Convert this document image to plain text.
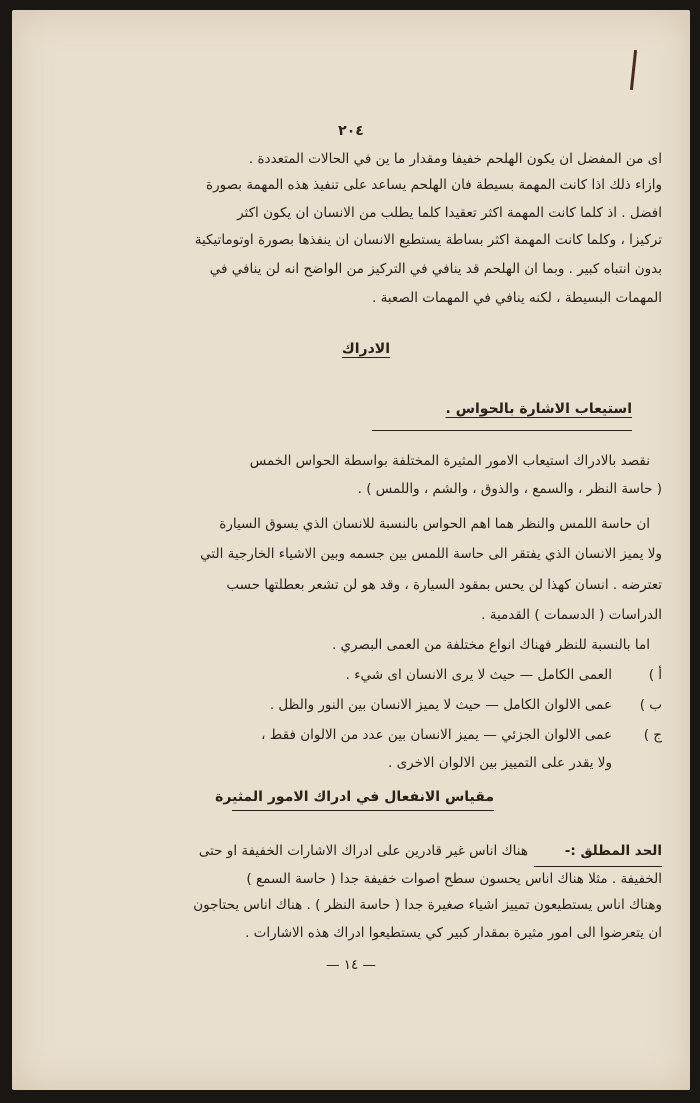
٢٠٤
اى من المفضل ان يكون الهلحم خفيفا ومقدار ما ين في الحالات المتعددة .
وازاء ذلك اذا كانت المهمة بسيطة فان الهلحم يساعد على تنفيذ هذه المهمة بصورة
افضل . اذ كلما كانت المهمة اكثر تعقيدا كلما يطلب من الانسان ان يكون اكثر
تركيزا ، وكلما كانت المهمة اكثر بساطة يستطيع الانسان ان ينفذها بصورة اوتوماتيكية
بدون انتباه كبير . وبما ان الهلحم قد ينافي في التركيز من الواضح انه لن ينافي في
المهمات البسيطة ، لكنه ينافي في المهمات الصعبة .
الادراك
استيعاب الاشارة بالحواس .
نقصد بالادراك استيعاب الامور المثيرة المختلفة بواسطة الحواس الخمس
( حاسة النظر ، والسمع ، والذوق ، والشم ، واللمس ) .
ان حاسة اللمس والنظر هما اهم الحواس بالنسبة للانسان الذي يسوق السيارة
ولا يميز الانسان الذي يفتقر الى حاسة اللمس بين جسمه وبين الاشياء الخارجية التي
تعترضه . انسان كهذا لن يحس بمقود السيارة ، وقد هو لن تشعر بعطلتها حسب
الدراسات ( الدسمات ) القدمية .
اما بالنسبة للنظر فهناك انواع مختلفة من العمى البصري .
أ )
العمى الكامل — حيث لا يرى الانسان اى شيء .
ب )
عمى الالوان الكامل — حيث لا يميز الانسان بين النور والظل .
ج )
عمى الالوان الجزئي — يميز الانسان بين عدد من الالوان فقط ،
ولا يقدر على التمييز بين الالوان الاخرى .
مقياس الانفعال في ادراك الامور المثيرة
الحد المطلق :-
هناك اناس غير قادرين على ادراك الاشارات الخفيفة او حتى
الخفيفة . مثلا هناك اناس يحسون سطح اصوات خفيفة جدا ( حاسة السمع )
وهناك اناس يستطيعون تمييز اشياء صغيرة جدا ( حاسة النظر ) . هناك اناس يحتاجون
ان يتعرضوا الى امور مثيرة بمقدار كبير كي يستطيعوا ادراك هذه الاشارات .
— ١٤ —
